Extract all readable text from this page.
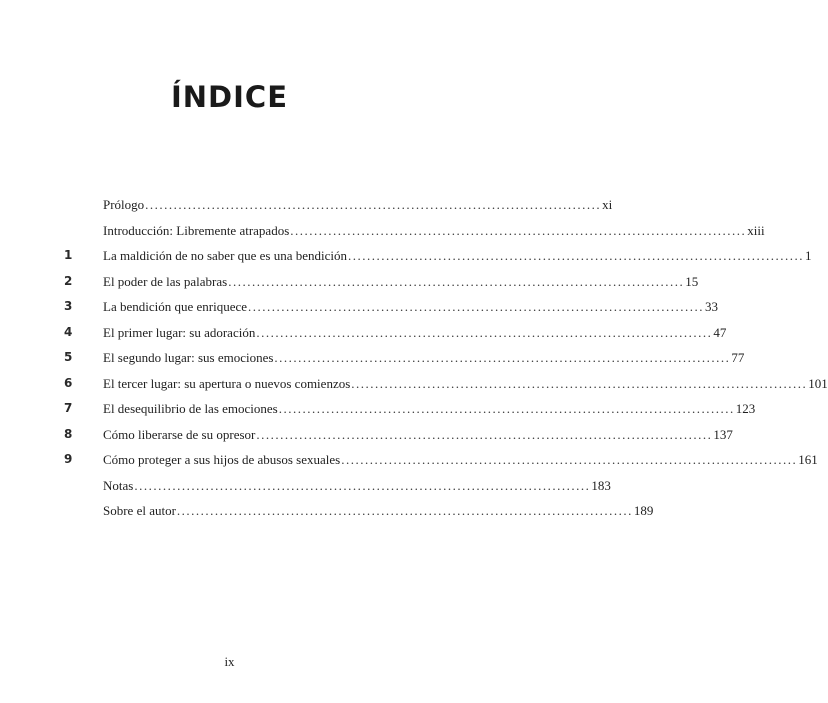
ÍNDICE
Prólogo ................................................................................................ xi
Introducción: Libremente atrapados ................................................................................................ xiii
1	La maldición de no saber que es una bendición ................................................................................................ 1
2	El poder de las palabras ................................................................................................ 15
3	La bendición que enriquece ................................................................................................ 33
4	El primer lugar: su adoración ................................................................................................ 47
5	El segundo lugar: sus emociones ................................................................................................ 77
6	El tercer lugar: su apertura o nuevos comienzos ................................................................................................ 101
7	El desequilibrio de las emociones ................................................................................................ 123
8	Cómo liberarse de su opresor ................................................................................................ 137
9	Cómo proteger a sus hijos de abusos sexuales ................................................................................................ 161
Notas ................................................................................................ 183
Sobre el autor ................................................................................................ 189
ix
